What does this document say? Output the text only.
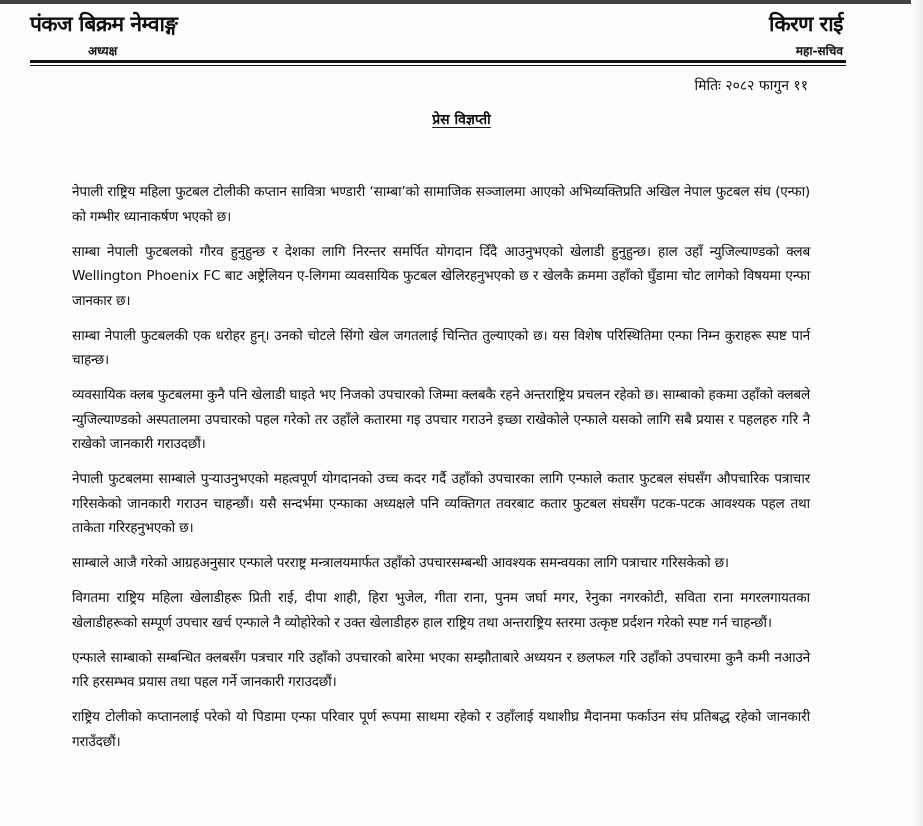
पंकज बिक्रम नेम्वाङ्ग
अध्यक्ष
किरण राई
महा-सचिव
मितिः २०८२ फागुन ११
प्रेस विज्ञप्ती

नेपाली राष्ट्रिय महिला फुटबल टोलीकी कप्तान सावित्रा भण्डारी ‘साम्बा’को सामाजिक सञ्जालमा आएको अभिव्यक्तिप्रति अखिल नेपाल फुटबल संघ (एन्फा) को गम्भीर ध्यानाकर्षण भएको छ।

साम्बा नेपाली फुटबलको गौरव हुनुहुन्छ र देशका लागि निरन्तर समर्पित योगदान दिँदै आउनुभएको खेलाडी हुनुहुन्छ। हाल उहाँ न्युजिल्याण्डको क्लब Wellington Phoenix FC बाट अष्ट्रेलियन ए-लिगमा व्यवसायिक फुटबल खेलिरहनुभएको छ र खेलकै क्रममा उहाँको घुँडामा चोट लागेको विषयमा एन्फा जानकार छ।

साम्बा नेपाली फुटबलकी एक धरोहर हुन्। उनको चोटले सिंगो खेल जगतलाई चिन्तित तुल्याएको छ। यस विशेष परिस्थितिमा एन्फा निम्न कुराहरू स्पष्ट पार्न चाहन्छ।

व्यवसायिक क्लब फुटबलमा कुनै पनि खेलाडी घाइते भए निजको उपचारको जिम्मा क्लबकै रहने अन्तराष्ट्रिय प्रचलन रहेको छ। साम्बाको हकमा उहाँको क्लबले न्युजिल्याण्डको अस्पतालमा उपचारको पहल गरेको तर उहाँले कतारमा गइ उपचार गराउने इच्छा राखेकोले एन्फाले यसको लागि सबै प्रयास र पहलहरु गरि नै राखेको जानकारी गराउदछौं।

नेपाली फुटबलमा साम्बाले पुऱ्याउनुभएको महत्वपूर्ण योगदानको उच्च कदर गर्दै उहाँको उपचारका लागि एन्फाले कतार फुटबल संघसँग औपचारिक पत्राचार गरिसकेको जानकारी गराउन चाहन्छौं। यसै सन्दर्भमा एन्फाका अध्यक्षले पनि व्यक्तिगत तवरबाट कतार फुटबल संघसँग पटक-पटक आवश्यक पहल तथा ताकेता गरिरहनुभएको छ।

साम्बाले आजै गरेको आग्रहअनुसार एन्फाले परराष्ट्र मन्त्रालयमार्फत उहाँको उपचारसम्बन्धी आवश्यक समन्वयका लागि पत्राचार गरिसकेको छ।

विगतमा राष्ट्रिय महिला खेलाडीहरू प्रिती राई, दीपा शाही, हिरा भुजेल, गीता राना, पुनम जर्घा मगर, रेनुका नगरकोटी, सविता राना मगरलगायतका खेलाडीहरूको सम्पूर्ण उपचार खर्च एन्फाले नै व्योहोरेको र उक्त खेलाडीहरु हाल राष्ट्रिय तथा अन्तराष्ट्रिय स्तरमा उत्कृष्ट प्रर्दशन गरेको स्पष्ट गर्न चाहन्छौं।

एन्फाले साम्बाको सम्बन्धित क्लबसँग पत्रचार गरि उहाँको उपचारको बारेमा भएका सम्झौताबारे अध्ययन र छलफल गरि उहाँको उपचारमा कुनै कमी नआउने गरि हरसम्भव प्रयास तथा पहल गर्ने जानकारी गराउदछौं।

राष्ट्रिय टोलीको कप्तानलाई परेको यो पिडामा एन्फा परिवार पूर्ण रूपमा साथमा रहेको र उहाँलाई यथाशीघ्र मैदानमा फर्काउन संघ प्रतिबद्ध रहेको जानकारी गराउँदछौं।
